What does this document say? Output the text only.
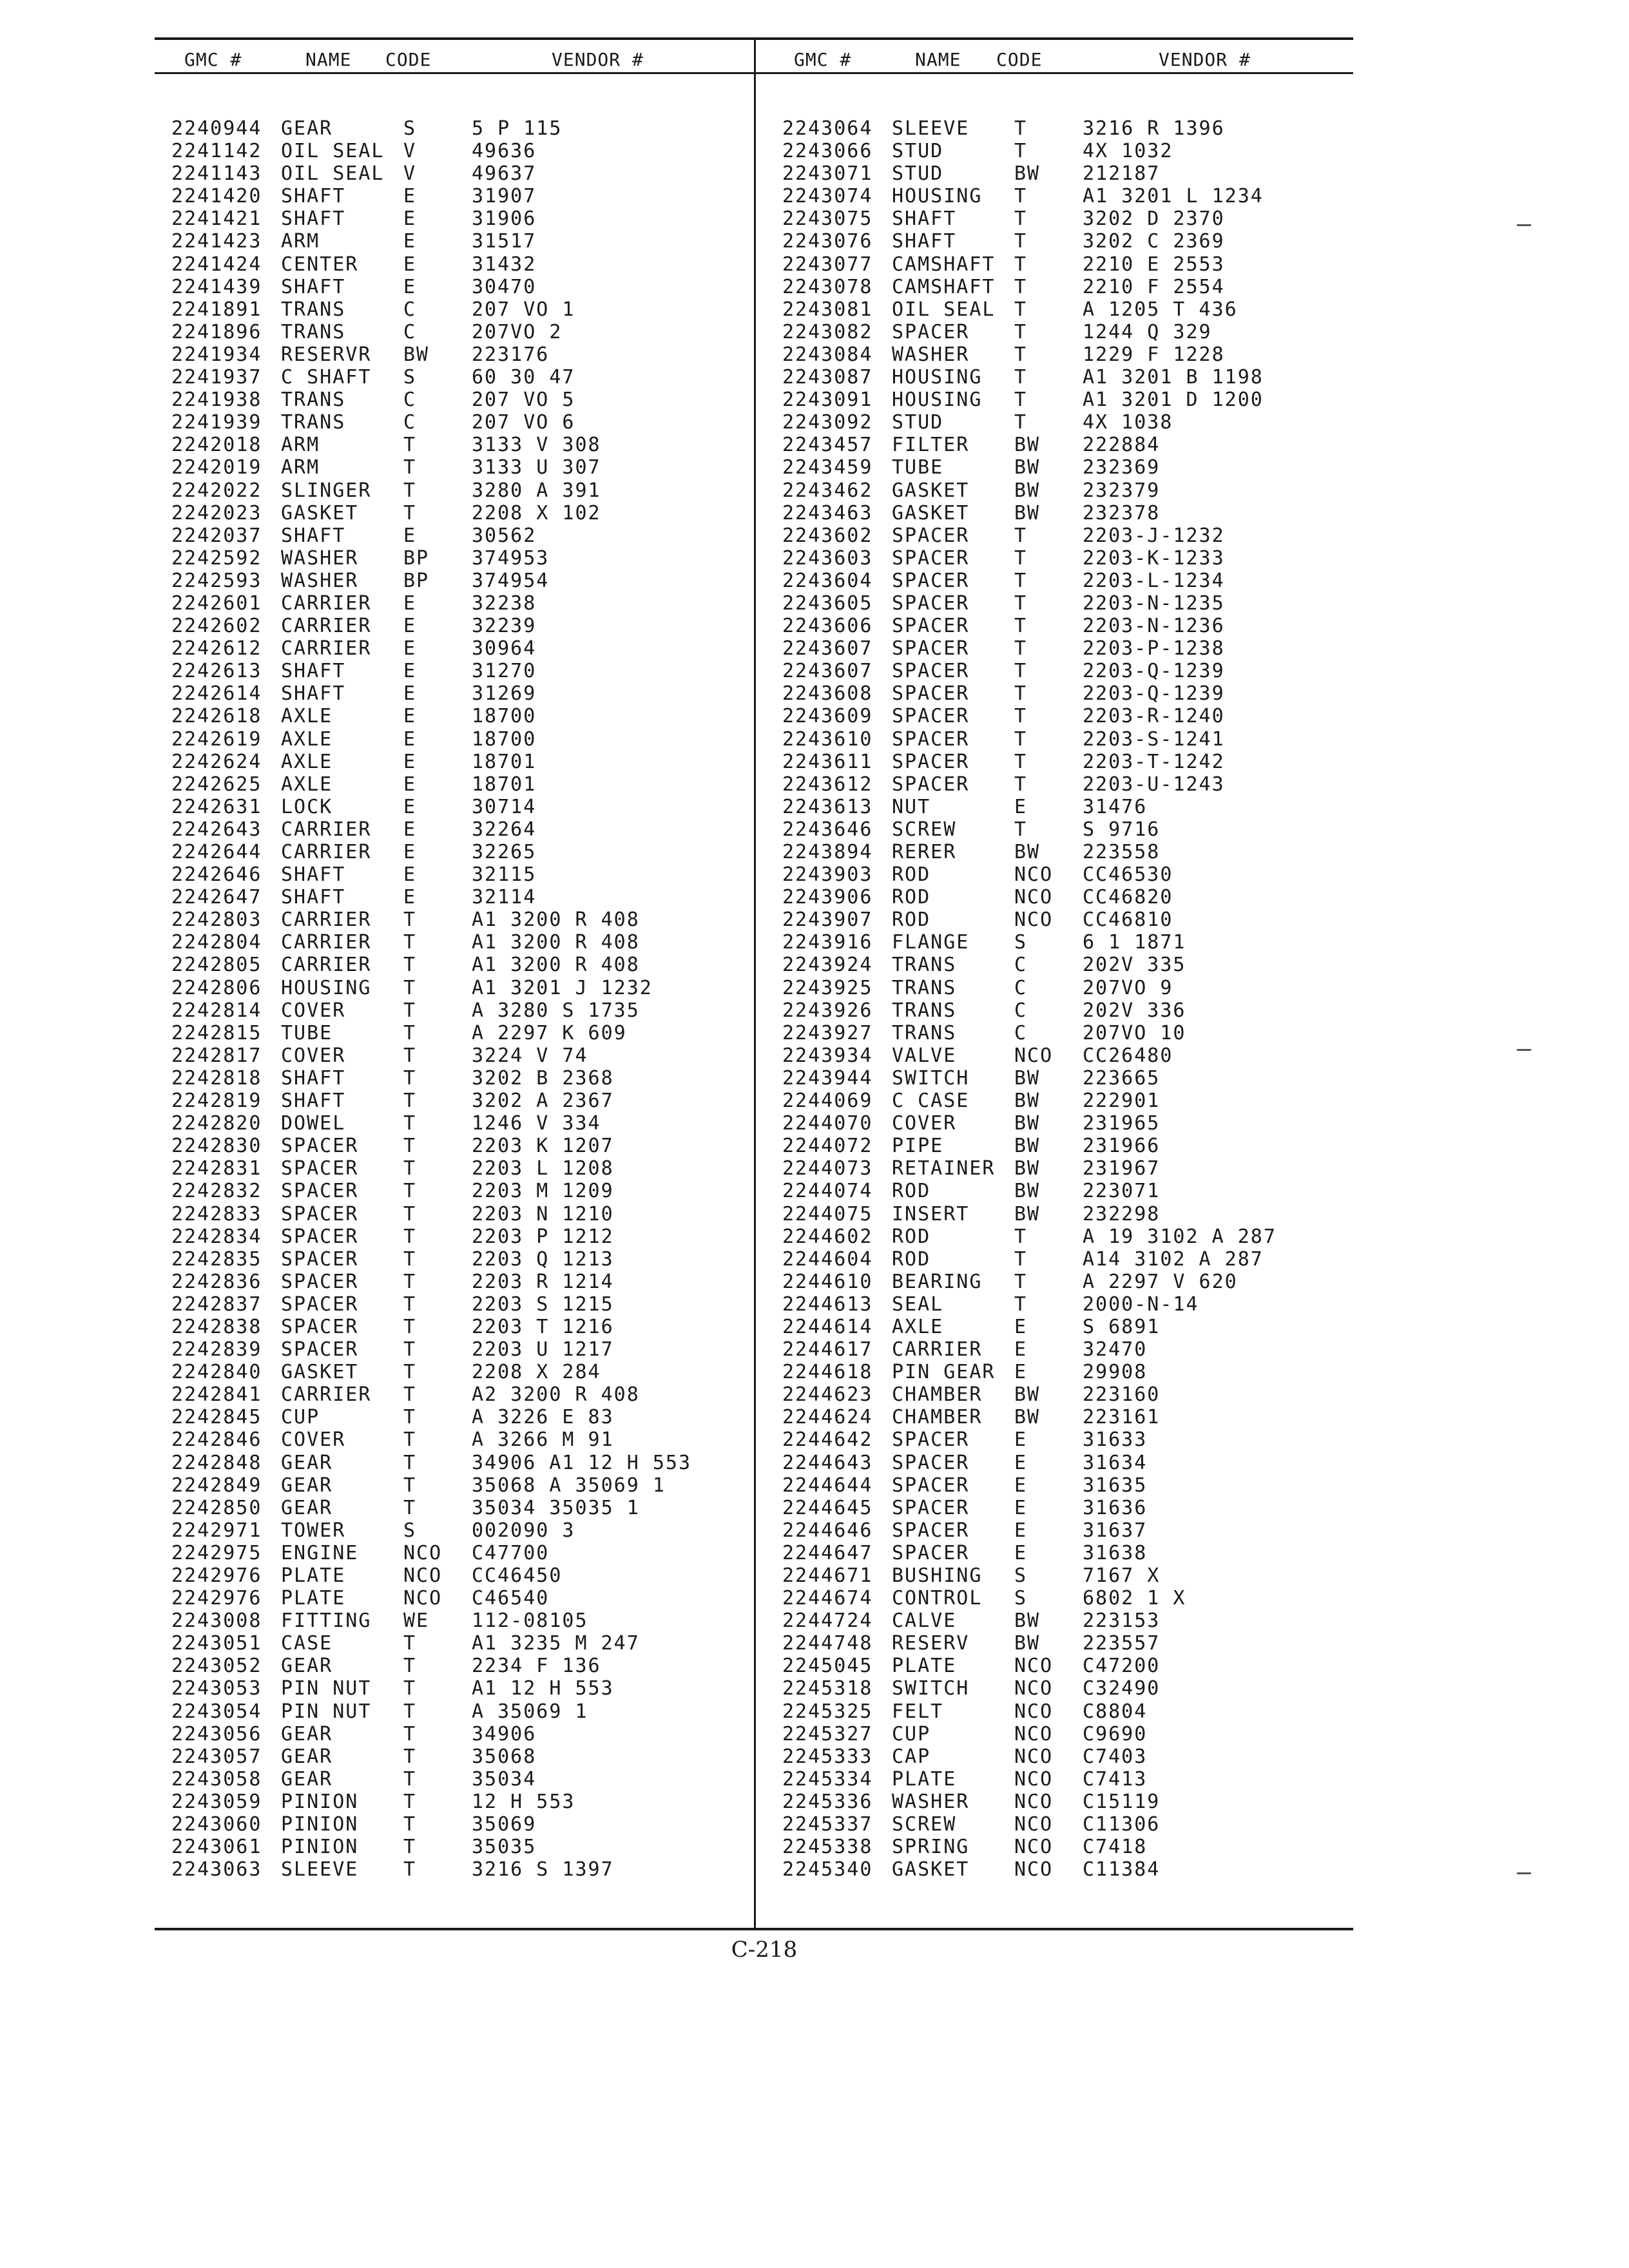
GMC #	NAME CODE	VENDOR #	GMC #	NAME CODE	VENDOR #
2240944 GEAR	S	5 P 115
2241142 OIL SEAL V	49636
2241143 OIL SEAL V	49637
2241420 SHAFT	E	31907
2241421 SHAFT	E	31906
2241423 ARM	E	31517
2241424 CENTER E	31432
2241439 SHAFT	E	30470
2241891 TRANS	C	207 VO 1
2241896 TRANS	C	207VO 2
2241934 RESERVR BW 223176
2241937 C SHAFT S	60 30 47
2241938 TRANS	C	207 VO 5
2241939 TRANS	C	207 VO 6
2242018 ARM	T	3133 V 308
2242019 ARM	T	3133 U 307
2242022 SLINGER T	3280 A 391
2242023 GASKET T	2208 X 102
2242037 SHAFT	E	30562
2242592 WASHER BP 374953
2242593 WASHER BP 374954
2242601 CARRIER E	32238
2242602 CARRIER E	32239
2242612 CARRIER E	30964
2242613 SHAFT	E	31270
2242614 SHAFT	E	31269
2242618 AXLE	E	18700
2242619 AXLE	E	18700
2242624 AXLE	E	18701
2242625 AXLE	E	18701
2242631 LOCK	E	30714
2242643 CARRIER E	32264
2242644 CARRIER E	32265
2242646 SHAFT	E	32115
2242647 SHAFT	E	32114
2242803 CARRIER T	A1 3200 R 408
2242804 CARRIER T	A1 3200 R 408
2242805 CARRIER T	A1 3200 R 408
2242806 HOUSING T	A1 3201 J 1232
2242814 COVER	T	A 3280 S 1735
2242815 TUBE	T	A 2297 K 609
2242817 COVER	T	3224 V 74
2242818 SHAFT	T	3202 B 2368
2242819 SHAFT	T	3202 A 2367
2242820 DOWEL	T	1246 V 334
2242830 SPACER T	2203 K 1207
2242831 SPACER T	2203 L 1208
2242832 SPACER T	2203 M 1209
2242833 SPACER T	2203 N 1210
2242834 SPACER T	2203 P 1212
2242835 SPACER T	2203 Q 1213
2242836 SPACER T	2203 R 1214
2242837 SPACER T	2203 S 1215
2242838 SPACER T	2203 T 1216
2242839 SPACER T	2203 U 1217
2242840 GASKET T	2208 X 284
2242841 CARRIER T	A2 3200 R 408
2242845 CUP	T	A 3226 E 83
2242846 COVER	T	A 3266 M 91
2242848 GEAR	T	34906 A1 12 H 553
2242849 GEAR	T	35068 A 35069 1
2242850 GEAR	T	35034 35035 1
2242971 TOWER	S	002090 3
2242975 ENGINE NCO C47700
2242976 PLATE	NCO CC46450
2242976 PLATE	NCO C46540
2243008 FITTING WE 112-08105
2243051 CASE	T	A1 3235 M 247
2243052 GEAR	T	2234 F 136
2243053 PIN NUT T	A1 12 H 553
2243054 PIN NUT T	A 35069 1
2243056 GEAR	T	34906
2243057 GEAR	T	35068
2243058 GEAR	T	35034
2243059 PINION T	12 H 553
2243060 PINION T	35069
2243061 PINION T	35035
2243063 SLEEVE T	3216 S 1397
2243064 SLEEVE T	3216 R 1396
2243066 STUD	T	4X 1032
2243071 STUD	BW 212187
2243074 HOUSING T	A1 3201 L 1234
2243075 SHAFT	T	3202 D 2370
2243076 SHAFT	T	3202 C 2369
2243077 CAMSHAFT T	2210 E 2553
2243078 CAMSHAFT T	2210 F 2554
2243081 OIL SEAL T	A 1205 T 436
2243082 SPACER T	1244 Q 329
2243084 WASHER T	1229 F 1228
2243087 HOUSING T	A1 3201 B 1198
2243091 HOUSING T	A1 3201 D 1200
2243092 STUD	T	4X 1038
2243457 FILTER BW 222884
2243459 TUBE	BW 232369
2243462 GASKET BW 232379
2243463 GASKET BW 232378
2243602 SPACER T	2203-J-1232
2243603 SPACER T	2203-K-1233
2243604 SPACER T	2203-L-1234
2243605 SPACER T	2203-N-1235
2243606 SPACER T	2203-N-1236
2243607 SPACER T	2203-P-1238
2243607 SPACER T	2203-Q-1239
2243608 SPACER T	2203-Q-1239
2243609 SPACER T	2203-R-1240
2243610 SPACER T	2203-S-1241
2243611 SPACER T	2203-T-1242
2243612 SPACER T	2203-U-1243
2243613 NUT	E	31476
2243646 SCREW	T	S 9716
2243894 RERER	BW 223558
2243903 ROD	NCO CC46530
2243906 ROD	NCO CC46820
2243907 ROD	NCO CC46810
2243916 FLANGE S	6 1 1871
2243924 TRANS	C	202V 335
2243925 TRANS	C	207VO 9
2243926 TRANS	C	202V 336
2243927 TRANS	C	207VO 10
2243934 VALVE	NCO CC26480
2243944 SWITCH BW 223665
2244069 C CASE BW 222901
2244070 COVER	BW 231965
2244072 PIPE	BW 231966
2244073 RETAINER BW 231967
2244074 ROD	BW 223071
2244075 INSERT BW 232298
2244602 ROD	T	A 19 3102 A 287
2244604 ROD	T	A14 3102 A 287
2244610 BEARING T	A 2297 V 620
2244613 SEAL	T	2000-N-14
2244614 AXLE	E	S 6891
2244617 CARRIER E	32470
2244618 PIN GEAR E	29908
2244623 CHAMBER BW 223160
2244624 CHAMBER BW 223161
2244642 SPACER E	31633
2244643 SPACER E	31634
2244644 SPACER E	31635
2244645 SPACER E	31636
2244646 SPACER E	31637
2244647 SPACER E	31638
2244671 BUSHING S	7167 X
2244674 CONTROL S	6802 1 X
2244724 CALVE	BW 223153
2244748 RESERV BW 223557
2245045 PLATE	NCO C47200
2245318 SWITCH NCO C32490
2245325 FELT	NCO C8804
2245327 CUP	NCO C9690
2245333 CAP	NCO C7403
2245334 PLATE	NCO C7413
2245336 WASHER NCO C15119
2245337 SCREW	NCO C11306
2245338 SPRING NCO C7418
2245340 GASKET NCO C11384
C-218
